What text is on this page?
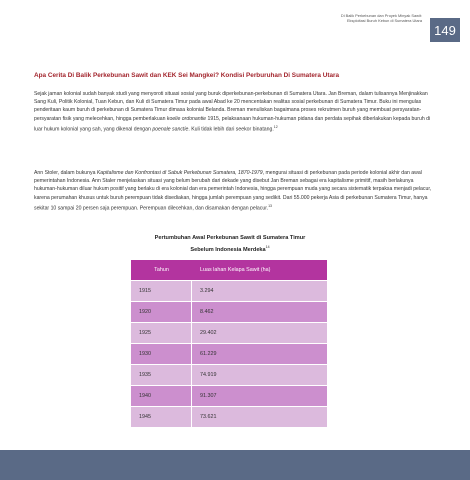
Di Balik Perkebunan dan Proyek Minyak Sawit:
Eksploitasi Buruh Kebun di Sumatera Utara
149
Apa Cerita Di Balik Perkebunan Sawit dan KEK Sei Mangkei? Kondisi Perburuhan Di Sumatera Utara

Sejak jaman kolonial sudah banyak studi yang menyoroti situasi sosial yang buruk diperkebunan-perkebunan di Sumatera Utara. Jan Breman, dalam tulisannya Menjinakkan Sang Kuli, Politik Kolonial, Tuan Kebun, dan Kuli di Sumatera Timur pada awal Abad ke 20 mencentakan realitas sosial perkebunan di Sumatera Timur. Buku ini mengulas penderitaan kaum buruh di perkebunan di Sumatera Timur dimasa kolonial Belanda. Breman menuliskan bagaimana proses rekrutmen buruh yang membuat persyaratan-persyaratan fisik yang melecehkan, hingga pemberlakuan koelie ordonantie 1915, pelaksanaan hukuman-hukuman pidana dan perdata sepihak diberlakukan kepada buruh di luar hukum kolonial yang sah, yang dikenal dengan poenale sanctie. Kuli tidak lebih dari seekor binatang.$^{12}$

Ann Stoler, dalam bukunya Kapitalisme dan Konfrontasi di Sabuk Perkebunan Sumatera, 1870-1979, mengurai situasi di perkebunan pada periode kolonial akhir dan awal pemerintahan Indonesia. Ann Staler menjelaskan situasi yang belum berubah dari dekade yang disebut Jan Breman sebagai era kapitalisme primitif, masih berlakunya hukuman-hukuman diluar hukum positif yang berlaku di era kolonial dan era pemerintah Indonesia, hingga perempuan muda yang secara sistematik terpaksa menjadi pelacur, karena perumahan khusus untuk buruh perempuan tidak disediakan, hingga jumlah perempuan yang sedikit. Dari 55.000 pekerja Asia di perkebunan Sumatera Timur, hanya sekitar 10 sampai 20 persen saja perempuan. Perempuan dilecehkan, dan disamakan dengan pelacur.$^{13}$

Pertumbuhan Awal Perkebunan Sawit di Sumatera Timur
Sebelum Indonesia Merdeka$^{14}$
Tahun	Luas lahan Kelapa Sawit (ha)
1915	3.294
1920	8.462
1925	29.402
1930	61.229
1935	74.919
1940	91.307
1945	73.621
